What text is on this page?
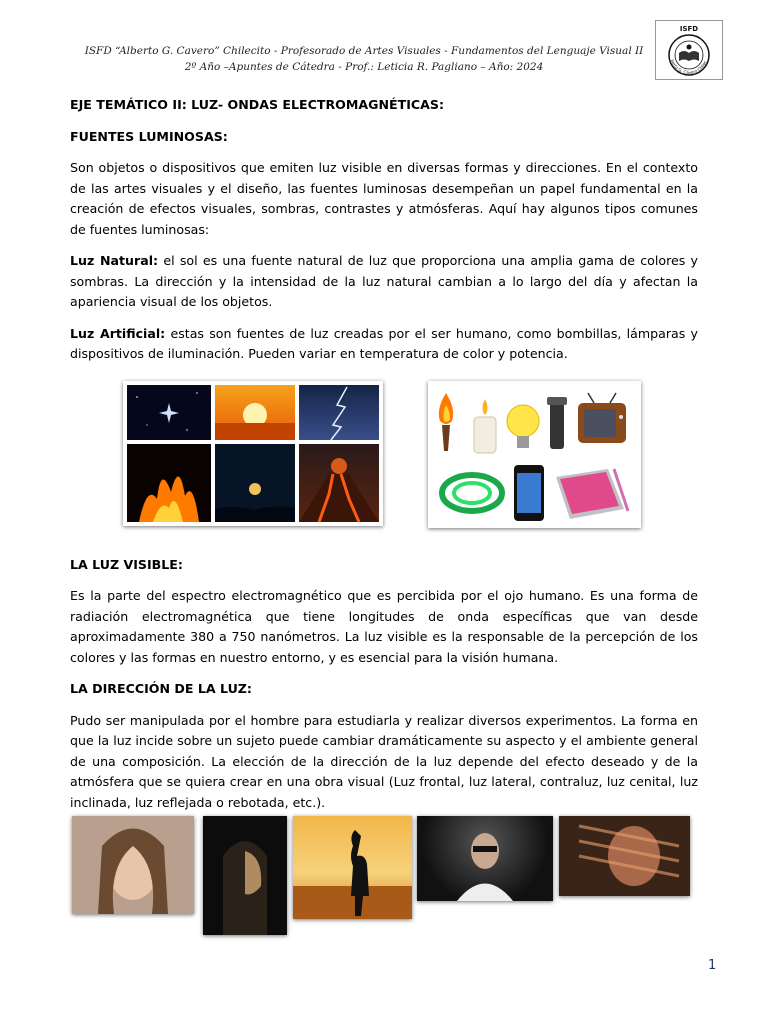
ISFD “Alberto G. Cavero” Chilecito - Profesorado de Artes Visuales - Fundamentos del Lenguaje Visual II
2º Año –Apuntes de Cátedra - Prof.: Leticia R. Pagliano – Año: 2024
ISFD
berto G. Cavero Chilec

EJE TEMÁTICO II: LUZ- ONDAS ELECTROMAGNÉTICAS:

FUENTES LUMINOSAS:

Son objetos o dispositivos que emiten luz visible en diversas formas y direcciones. En el contexto de las artes visuales y el diseño, las fuentes luminosas desempeñan un papel fundamental en la creación de efectos visuales, sombras, contrastes y atmósferas. Aquí hay algunos tipos comunes de fuentes luminosas:

Luz Natural: el sol es una fuente natural de luz que proporciona una amplia gama de colores y sombras. La dirección y la intensidad de la luz natural cambian a lo largo del día y afectan la apariencia visual de los objetos.

Luz Artificial: estas son fuentes de luz creadas por el ser humano, como bombillas, lámparas y dispositivos de iluminación. Pueden variar en temperatura de color y potencia.

LA LUZ VISIBLE:

Es la parte del espectro electromagnético que es percibida por el ojo humano. Es una forma de radiación electromagnética que tiene longitudes de onda específicas que van desde aproximadamente 380 a 750 nanómetros. La luz visible es la responsable de la percepción de los colores y las formas en nuestro entorno, y es esencial para la visión humana.

LA DIRECCIÓN DE LA LUZ:

Pudo ser manipulada por el hombre para estudiarla y realizar diversos experimentos. La forma en que la luz incide sobre un sujeto puede cambiar dramáticamente su aspecto y el ambiente general de una composición. La elección de la dirección de la luz depende del efecto deseado y de la atmósfera que se quiera crear en una obra visual (Luz frontal, luz lateral, contraluz, luz cenital, luz inclinada, luz reflejada o rebotada, etc.).

1
